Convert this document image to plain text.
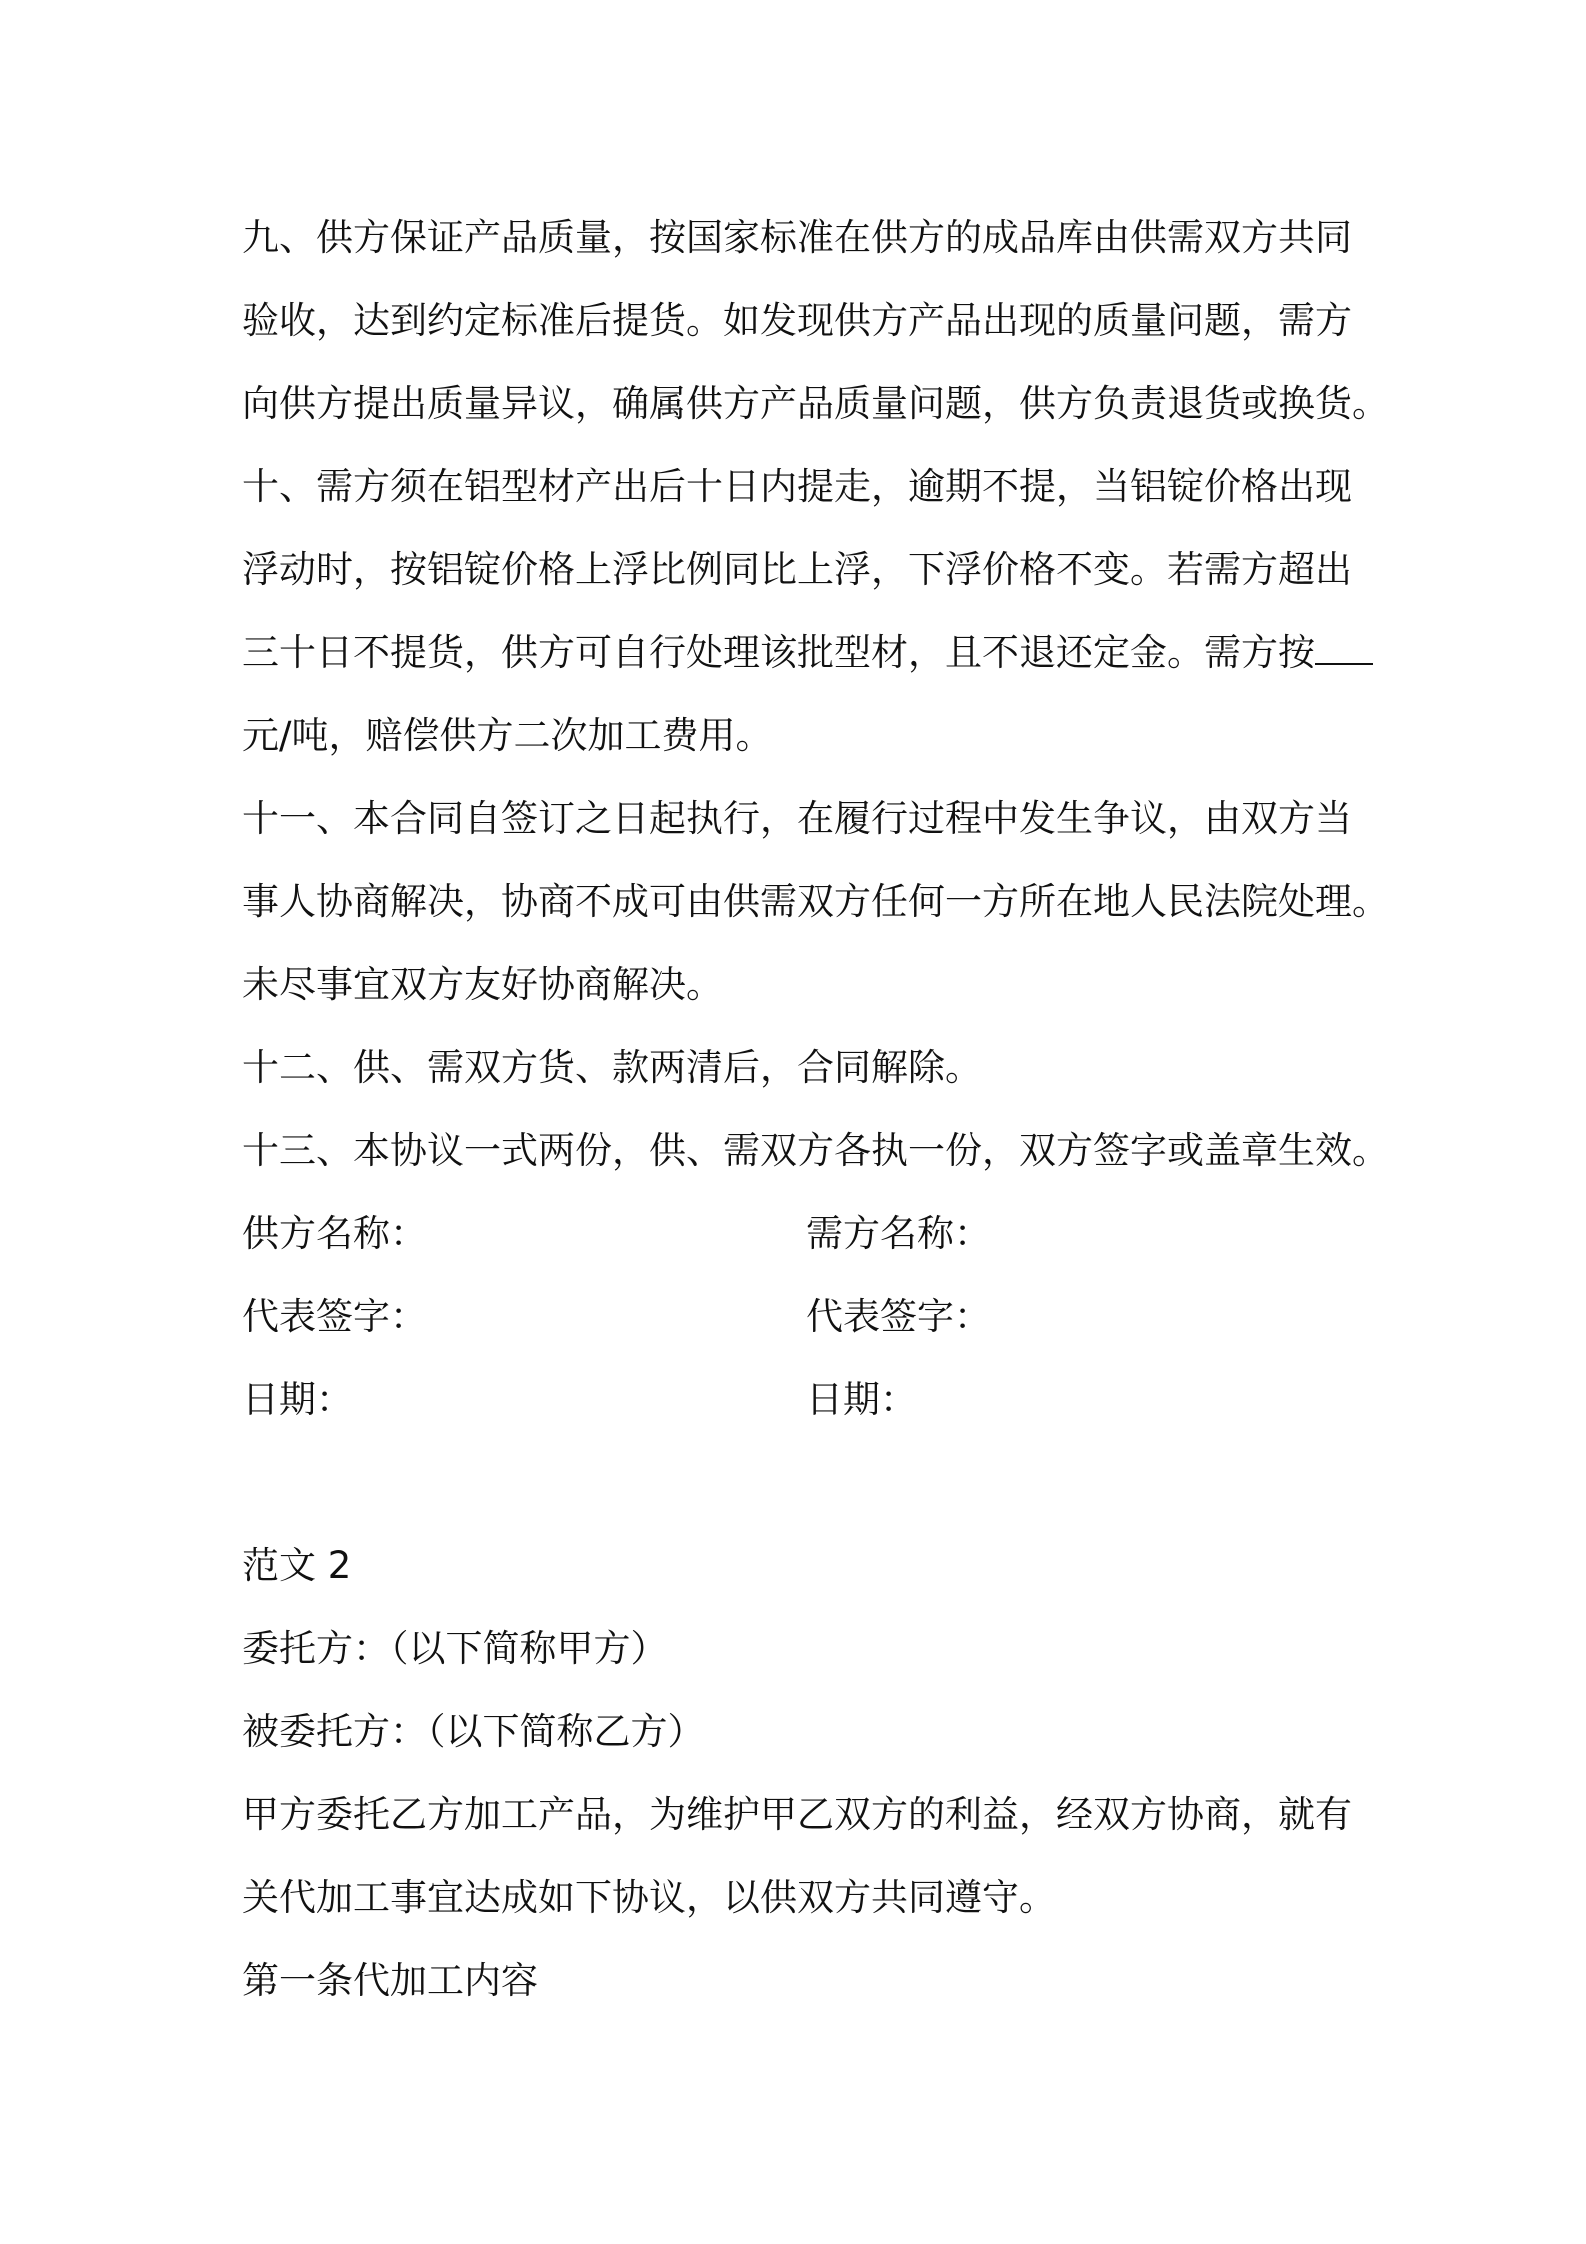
九、供方保证产品质量，按国家标准在供方的成品库由供需双方共同

验收，达到约定标准后提货。如发现供方产品出现的质量问题，需方

向供方提出质量异议，确属供方产品质量问题，供方负责退货或换货。

十、需方须在铝型材产出后十日内提走，逾期不提，当铝锭价格出现

浮动时，按铝锭价格上浮比例同比上浮，下浮价格不变。若需方超出

三十日不提货，供方可自行处理该批型材，且不退还定金。需方按

元/吨，赔偿供方二次加工费用。

十一、本合同自签订之日起执行，在履行过程中发生争议，由双方当

事人协商解决，协商不成可由供需双方任何一方所在地人民法院处理。

未尽事宜双方友好协商解决。

十二、供、需双方货、款两清后，合同解除。

十三、本协议一式两份，供、需双方各执一份，双方签字或盖章生效。

供方名称：	需方名称：
代表签字：	代表签字：
日期：	日期：

范文 2

委托方：（以下简称甲方）

被委托方：（以下简称乙方）

甲方委托乙方加工产品，为维护甲乙双方的利益，经双方协商，就有

关代加工事宜达成如下协议，以供双方共同遵守。

第一条代加工内容
